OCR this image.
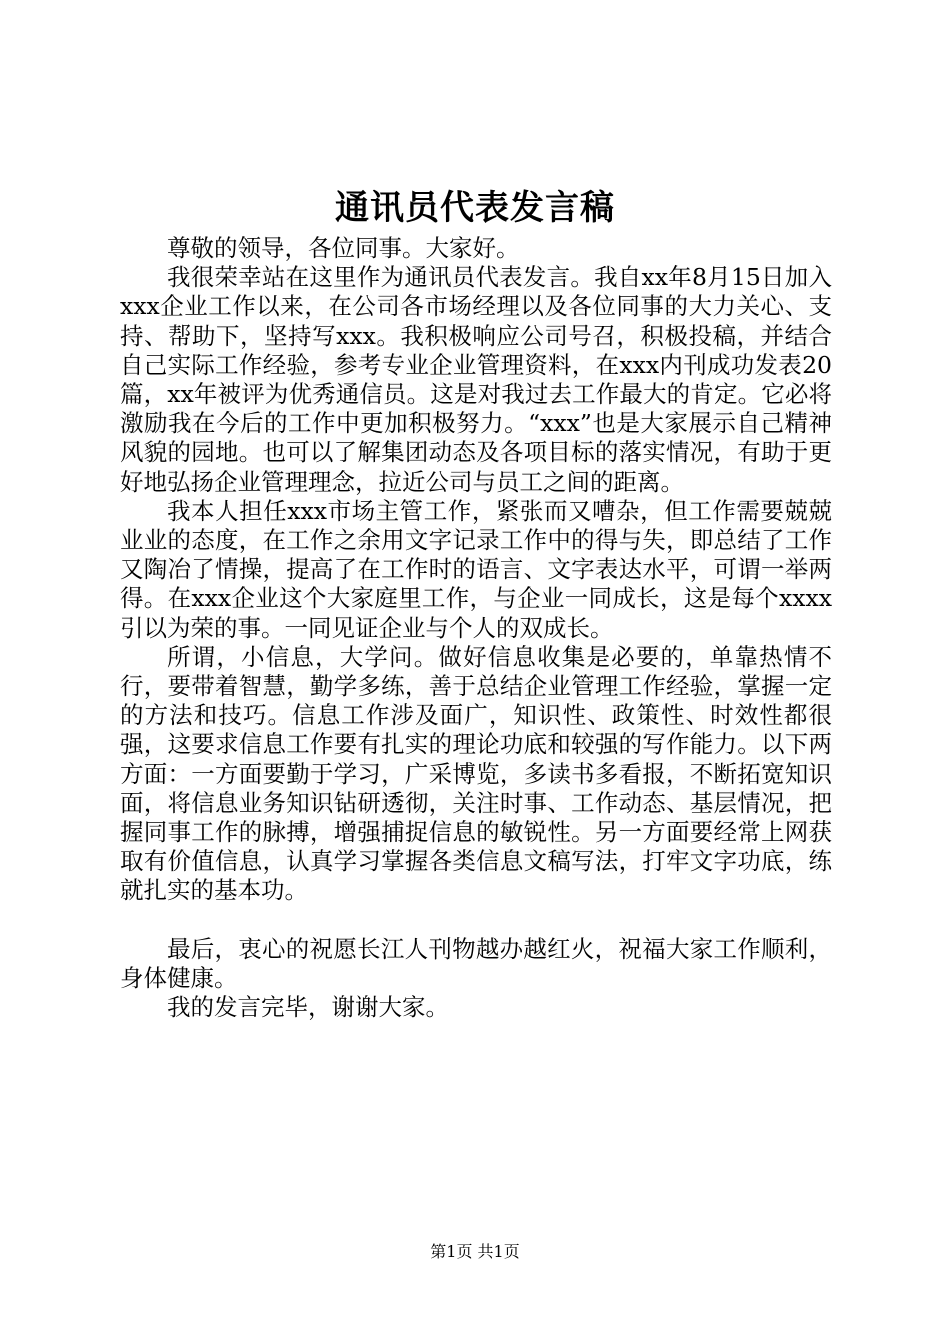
通讯员代表发言稿

尊敬的领导，各位同事。大家好。

我很荣幸站在这里作为通讯员代表发言。我自xx年8月15日加入xxx企业工作以来，在公司各市场经理以及各位同事的大力关心、支持、帮助下，坚持写xxx。我积极响应公司号召，积极投稿，并结合自己实际工作经验，参考专业企业管理资料，在xxx内刊成功发表20篇，xx年被评为优秀通信员。这是对我过去工作最大的肯定。它必将激励我在今后的工作中更加积极努力。“xxx”也是大家展示自己精神风貌的园地。也可以了解集团动态及各项目标的落实情况，有助于更好地弘扬企业管理理念，拉近公司与员工之间的距离。

我本人担任xxx市场主管工作，紧张而又嘈杂，但工作需要兢兢业业的态度，在工作之余用文字记录工作中的得与失，即总结了工作又陶冶了情操，提高了在工作时的语言、文字表达水平，可谓一举两得。在xxx企业这个大家庭里工作，与企业一同成长，这是每个xxxx引以为荣的事。一同见证企业与个人的双成长。

所谓，小信息，大学问。做好信息收集是必要的，单靠热情不行，要带着智慧，勤学多练，善于总结企业管理工作经验，掌握一定的方法和技巧。信息工作涉及面广，知识性、政策性、时效性都很强，这要求信息工作要有扎实的理论功底和较强的写作能力。以下两方面：一方面要勤于学习，广采博览，多读书多看报，不断拓宽知识面，将信息业务知识钻研透彻，关注时事、工作动态、基层情况，把握同事工作的脉搏，增强捕捉信息的敏锐性。另一方面要经常上网获取有价值信息，认真学习掌握各类信息文稿写法，打牢文字功底，练就扎实的基本功。

最后，衷心的祝愿长江人刊物越办越红火，祝福大家工作顺利，身体健康。

我的发言完毕，谢谢大家。

第1页 共1页
